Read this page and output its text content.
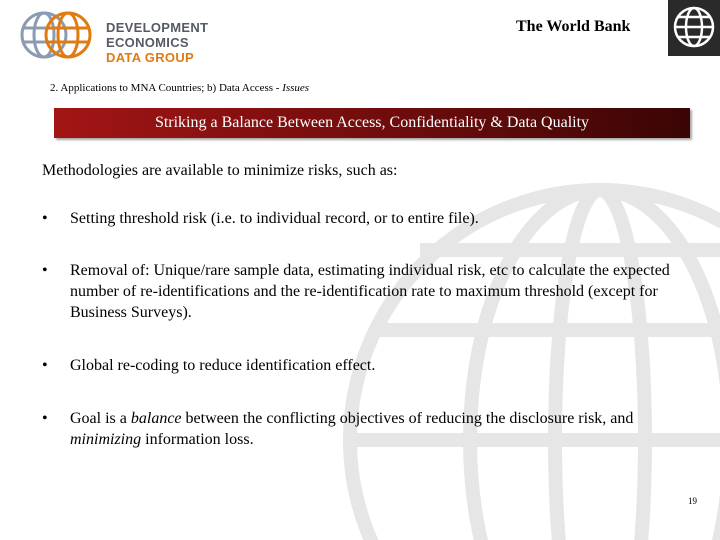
DEVELOPMENT ECONOMICS
DATA GROUP
The World Bank
2. Applications to MNA Countries; b) Data Access - Issues
Striking a Balance Between Access, Confidentiality & Data Quality
Methodologies are available to minimize risks, such as:
• Setting threshold risk (i.e. to individual record, or to entire file).
• Removal of: Unique/rare sample data, estimating individual risk, etc to calculate the expected number of re-identifications and the re-identification rate to maximum threshold (except for Business Surveys).
• Global re-coding to reduce identification effect.
• Goal is a balance between the conflicting objectives of reducing the disclosure risk, and minimizing information loss.
19
